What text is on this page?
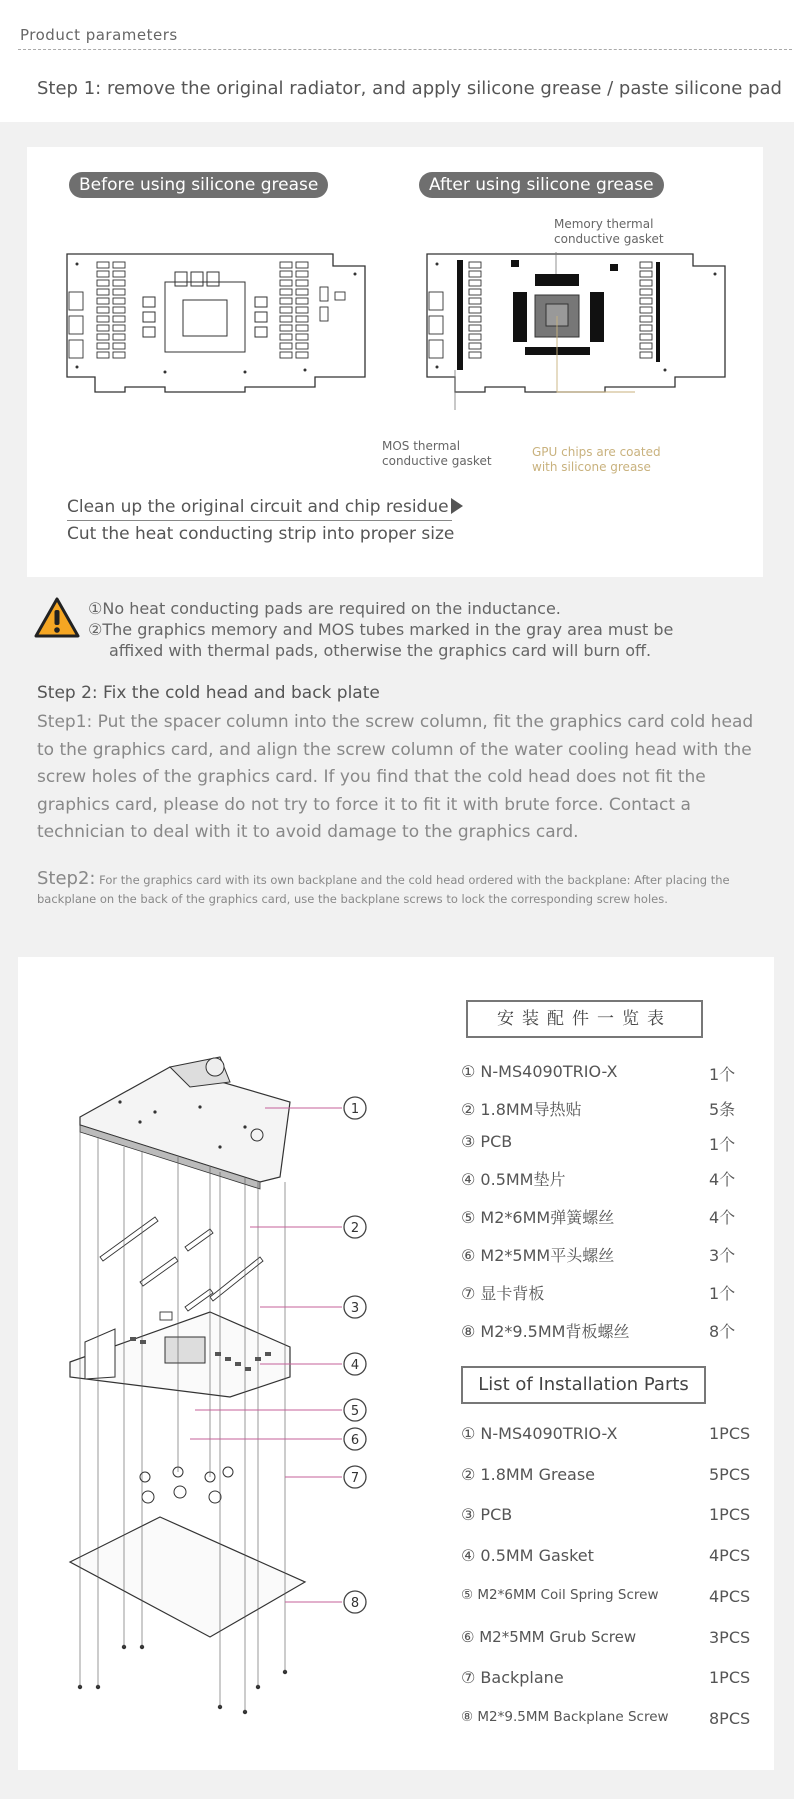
Product parameters
Step 1: remove the original radiator, and apply silicone grease / paste silicone pad
Before using silicone grease	After using silicone grease
Memory thermal
conductive gasket
MOS thermal
conductive gasket
GPU chips are coated
with silicone grease
Clean up the original circuit and chip residue
Cut the heat conducting strip into proper size
①No heat conducting pads are required on the inductance.
②The graphics memory and MOS tubes marked in the gray area must be
affixed with thermal pads, otherwise the graphics card will burn off.
Step 2: Fix the cold head and back plate
Step1: Put the spacer column into the screw column, fit the graphics card cold head to the graphics card, and align the screw column of the water cooling head with the screw holes of the graphics card. If you find that the cold head does not fit the graphics card, please do not try to force it to fit it with brute force. Contact a technician to deal with it to avoid damage to the graphics card.
Step2: For the graphics card with its own backplane and the cold head ordered with the backplane: After placing the backplane on the back of the graphics card, use the backplane screws to lock the corresponding screw holes.
1
2
3
4
5
6
7
8
安装配件一览表
① N-MS4090TRIO-X	1个
② 1.8MM导热贴	5条
③ PCB	1个
④ 0.5MM垫片	4个
⑤ M2*6MM弹簧螺丝	4个
⑥ M2*5MM平头螺丝	3个
⑦ 显卡背板	1个
⑧ M2*9.5MM背板螺丝	8个
List of Installation Parts
① N-MS4090TRIO-X	1PCS
② 1.8MM Grease	5PCS
③ PCB	1PCS
④ 0.5MM Gasket	4PCS
⑤ M2*6MM Coil Spring Screw	4PCS
⑥ M2*5MM Grub Screw	3PCS
⑦ Backplane	1PCS
⑧ M2*9.5MM Backplane Screw	8PCS
